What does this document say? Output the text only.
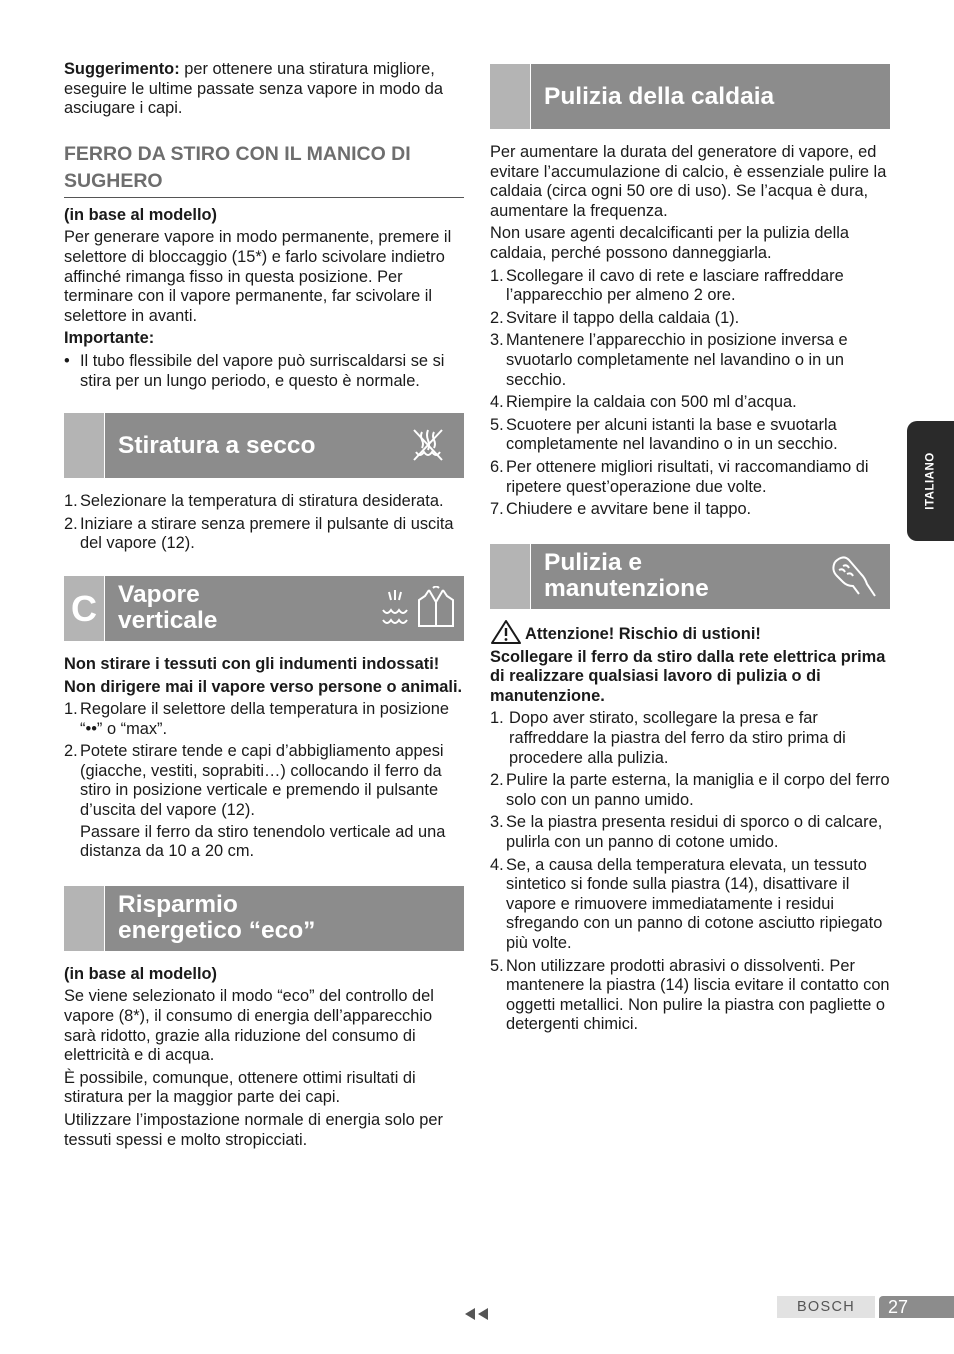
Suggerimento: per ottenere una stiratura migliore, eseguire le ultime passate senza vapore in modo da asciugare i capi.

FERRO DA STIRO CON IL MANICO DI SUGHERO

(in base al modello)

Per generare vapore in modo permanente, premere il selettore di bloccaggio (15*) e farlo scivolare indietro affinché rimanga fisso in questa posizione. Per terminare con il vapore permanente, far scivolare il selettore in avanti.

Importante:

• Il tubo flessibile del vapore può surriscaldarsi se si stira per un lungo periodo, e questo è normale.
Stiratura a secco
1. Selezionare la temperatura di stiratura desiderata.
2. Iniziare a stirare senza premere il pulsante di uscita del vapore (12).
C Vapore
verticale

Non stirare i tessuti con gli indumenti indossati!

Non dirigere mai il vapore verso persone o animali.

1. Regolare il selettore della temperatura in posizione “••” o “max”.
2. Potete stirare tende e capi d’abbigliamento appesi (giacche, vestiti, soprabiti…) collocando il ferro da stiro in posizione verticale e premendo il pulsante d’uscita del vapore (12).

Passare il ferro da stiro tenendolo verticale ad una distanza da 10 a 20 cm.

Risparmio
energetico “eco”

(in base al modello)

Se viene selezionato il modo “eco” del controllo del vapore (8*), il consumo di energia dell’apparecchio sarà ridotto, grazie alla riduzione del consumo di elettricità e di acqua.

È possibile, comunque, ottenere ottimi risultati di stiratura per la maggior parte dei capi.

Utilizzare l’impostazione normale di energia solo per tessuti spessi e molto stropicciati.

Pulizia della caldaia

Per aumentare la durata del generatore di vapore, ed evitare l’accumulazione di calcio, è essenziale pulire la caldaia (circa ogni 50 ore di uso). Se l’acqua è dura, aumentare la frequenza.

Non usare agenti decalcificanti per la pulizia della caldaia, perché possono danneggiarla.

1. Scollegare il cavo di rete e lasciare raffreddare l’apparecchio per almeno 2 ore.
2. Svitare il tappo della caldaia (1).
3. Mantenere l’apparecchio in posizione inversa e svuotarlo completamente nel lavandino o in un secchio.
4. Riempire la caldaia con 500 ml d’acqua.
5. Scuotere per alcuni istanti la base e svuotarla completamente nel lavandino o in un secchio.
6. Per ottenere migliori risultati, vi raccomandiamo di ripetere quest’operazione due volte.
7. Chiudere e avvitare bene il tappo.
Pulizia e
manutenzione
Attenzione! Rischio di ustioni!

Scollegare il ferro da stiro dalla rete elettrica prima di realizzare qualsiasi lavoro di pulizia o di manutenzione.

1. Dopo aver stirato, scollegare la presa e far raffreddare la piastra del ferro da stiro prima di procedere alla pulizia.
2. Pulire la parte esterna, la maniglia e il corpo del ferro solo con un panno umido.
3. Se la piastra presenta residui di sporco o di calcare, pulirla con un panno di cotone umido.
4. Se, a causa della temperatura elevata, un tessuto sintetico si fonde sulla piastra (14), disattivare il vapore e rimuovere immediatamente i residui sfregando con un panno di cotone asciutto ripiegato più volte.
5. Non utilizzare prodotti abrasivi o dissolventi. Per mantenere la piastra (14) liscia evitare il contatto con oggetti metallici. Non pulire la piastra con pagliette o detergenti chimici.
ITALIANO
BOSCH	27
